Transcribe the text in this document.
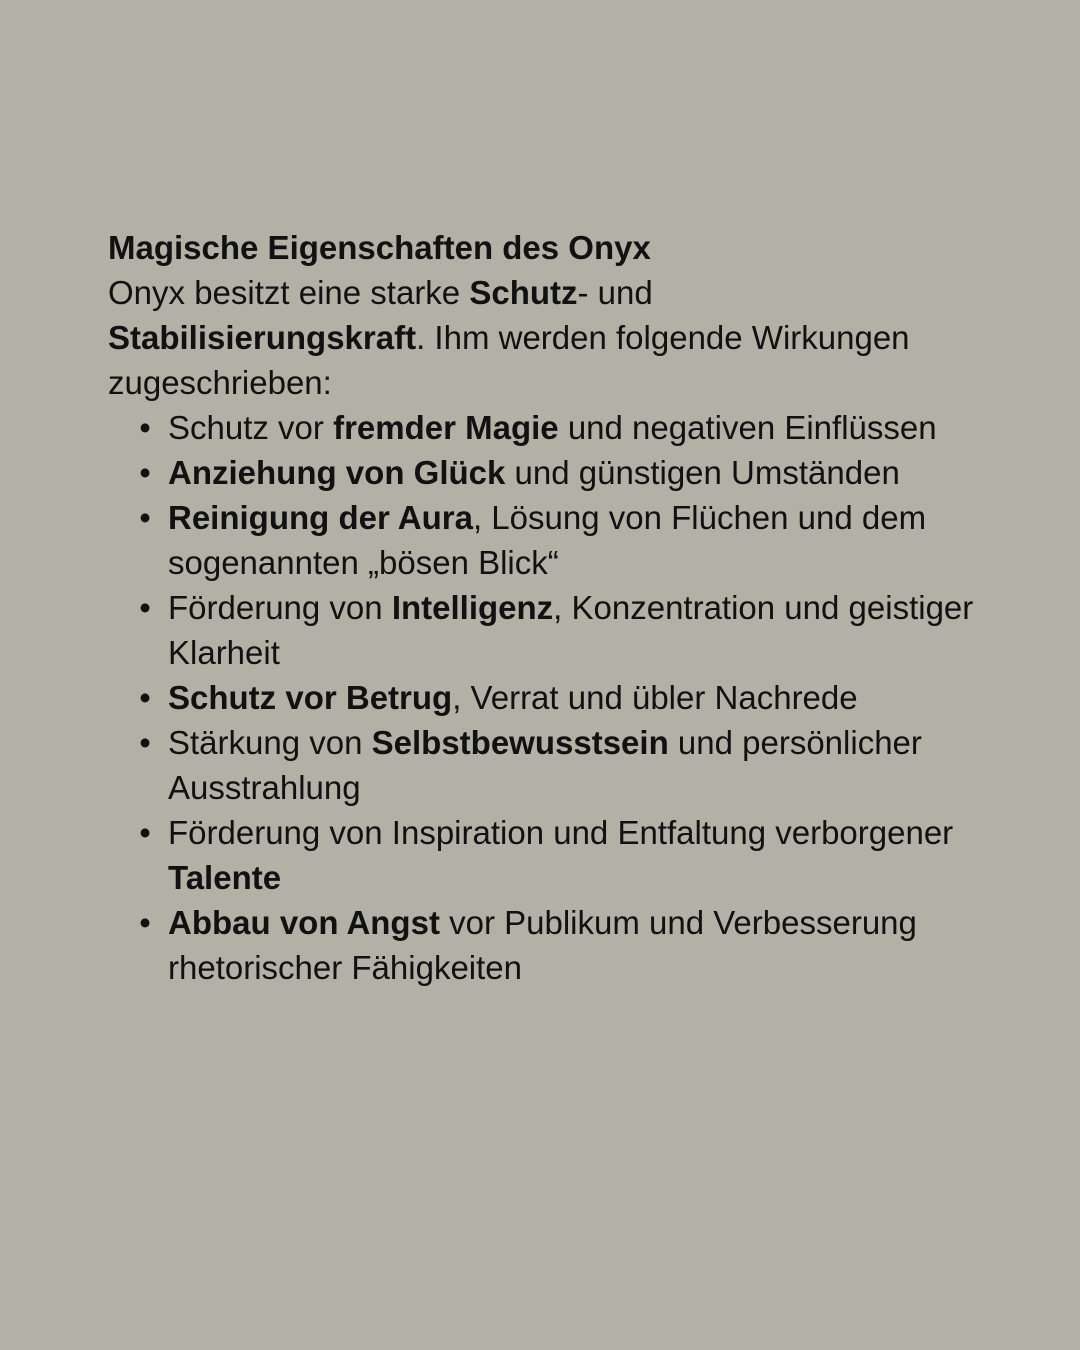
Magische Eigenschaften des Onyx

Onyx besitzt eine starke Schutz- und
Stabilisierungskraft. Ihm werden folgende Wirkungen zugeschrieben:

• Schutz vor fremder Magie und negativen Einflüssen
• Anziehung von Glück und günstigen Umständen
• Reinigung der Aura, Lösung von Flüchen und dem sogenannten „bösen Blick“
• Förderung von Intelligenz, Konzentration und geistiger Klarheit
• Schutz vor Betrug, Verrat und übler Nachrede
• Stärkung von Selbstbewusstsein und persönlicher Ausstrahlung
• Förderung von Inspiration und Entfaltung verborgener Talente
• Abbau von Angst vor Publikum und Verbesserung rhetorischer Fähigkeiten
